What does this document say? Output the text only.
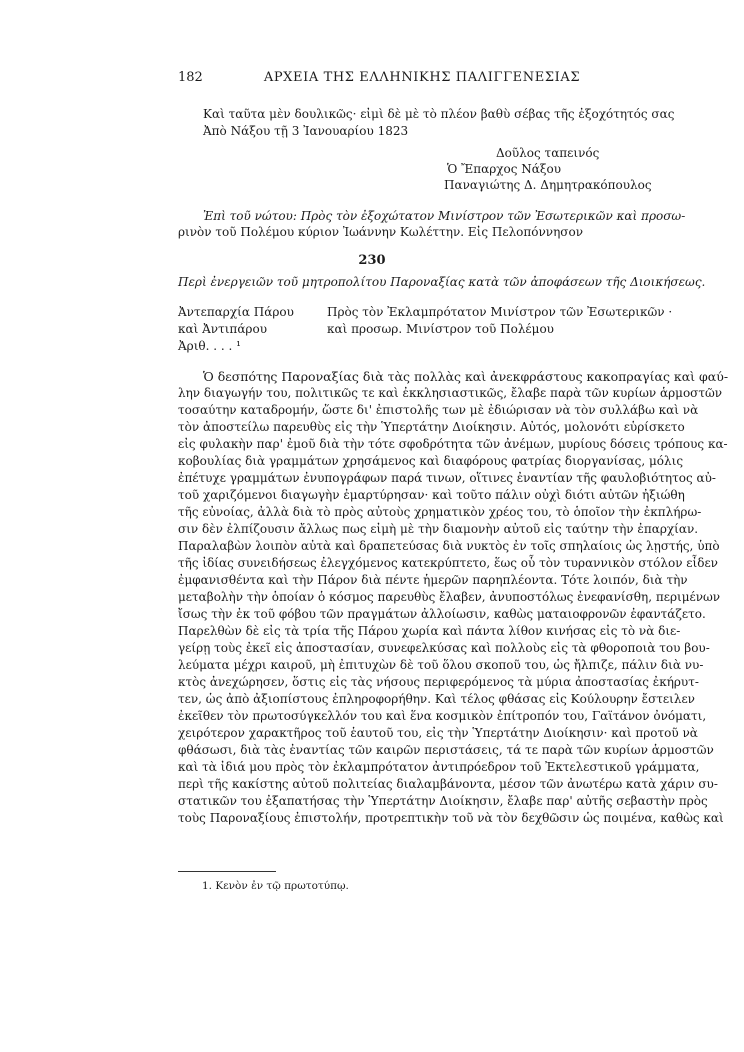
182	ΑΡΧΕΙΑ ΤΗΣ ΕΛΛΗΝΙΚΗΣ ΠΑΛΙΓΓΕΝΕΣΙΑΣ
Καὶ ταῦτα μὲν δουλικῶς· εἰμὶ δὲ μὲ τὸ πλέον βαθὺ σέβας τῆς ἐξοχότητός σας
Ἀπὸ Νάξου τῇ 3 Ἰανουαρίου 1823
Δοῦλος ταπεινός
Ὁ Ἔπαρχος Νάξου
Παναγιώτης Δ. Δημητρακόπουλος
Ἐπὶ τοῦ νώτου: Πρὸς τὸν ἐξοχώτατον Μινίστρον τῶν Ἐσωτερικῶν καὶ προσω-
ρινὸν τοῦ Πολέμου κύριον Ἰωάννην Κωλέττην. Εἰς Πελοπόννησον
230
Περὶ ἐνεργειῶν τοῦ μητροπολίτου Παροναξίας κατὰ τῶν ἀποφάσεων τῆς Διοικήσεως.
Ἀντεπαρχία Πάρου
καὶ Ἀντιπάρου
Ἀριθ. . . . ¹
Πρὸς τὸν Ἐκλαμπρότατον Μινίστρον τῶν Ἐσωτερικῶν ·
καὶ προσωρ. Μινίστρον τοῦ Πολέμου
Ὁ δεσπότης Παροναξίας διὰ τὰς πολλὰς καὶ ἀνεκφράστους κακοπραγίας καὶ φαύ-
λην διαγωγήν του, πολιτικῶς τε καὶ ἐκκλησιαστικῶς, ἔλαβε παρὰ τῶν κυρίων ἁρμοστῶν
τοσαύτην καταδρομήν, ὥστε δι' ἐπιστολῆς των μὲ ἐδιώρισαν νὰ τὸν συλλάβω καὶ νὰ
τὸν ἀποστείλω παρευθὺς εἰς τὴν Ὑπερτάτην Διοίκησιν. Αὐτός, μολονότι εὑρίσκετο
εἰς φυλακὴν παρ' ἐμοῦ διὰ τὴν τότε σφοδρότητα τῶν ἀνέμων, μυρίους δόσεις τρόπους κα-
κοβουλίας διὰ γραμμάτων χρησάμενος καὶ διαφόρους φατρίας διοργανίσας, μόλις
ἐπέτυχε γραμμάτων ἐνυπογράφων παρά τινων, οἵτινες ἐναντίαν τῆς φαυλοβιότητος αὐ-
τοῦ χαριζόμενοι διαγωγὴν ἐμαρτύρησαν· καὶ τοῦτο πάλιν οὐχὶ διότι αὐτῶν ἠξιώθη
τῆς εὐνοίας, ἀλλὰ διὰ τὸ πρὸς αὐτοὺς χρηματικὸν χρέος του, τὸ ὁποῖον τὴν ἐκπλήρω-
σιν δὲν ἐλπίζουσιν ἄλλως πως εἰμὴ μὲ τὴν διαμονὴν αὐτοῦ εἰς ταύτην τὴν ἐπαρχίαν.
Παραλαβὼν λοιπὸν αὐτὰ καὶ δραπετεύσας διὰ νυκτὸς ἐν τοῖς σπηλαίοις ὡς λῃστής, ὑπὸ
τῆς ἰδίας συνειδήσεως ἐλεγχόμενος κατεκρύπτετο, ἕως οὗ τὸν τυραννικὸν στόλον εἶδεν
ἐμφανισθέντα καὶ τὴν Πάρον διὰ πέντε ἡμερῶν παρηπλέοντα. Τότε λοιπόν, διὰ τὴν
μεταβολὴν τὴν ὁποίαν ὁ κόσμος παρευθὺς ἔλαβεν, ἀνυποστόλως ἐνεφανίσθη, περιμένων
ἴσως τὴν ἐκ τοῦ φόβου τῶν πραγμάτων ἀλλοίωσιν, καθὼς ματαιοφρονῶν ἐφαντάζετο.
Παρελθὼν δὲ εἰς τὰ τρία τῆς Πάρου χωρία καὶ πάντα λίθον κινήσας εἰς τὸ νὰ διε-
γείρῃ τοὺς ἐκεῖ εἰς ἀποστασίαν, συνεφελκύσας καὶ πολλοὺς εἰς τὰ φθοροποιὰ του βου-
λεύματα μέχρι καιροῦ, μὴ ἐπιτυχὼν δὲ τοῦ ὅλου σκοποῦ του, ὡς ἤλπιζε, πάλιν διὰ νυ-
κτὸς ἀνεχώρησεν, ὅστις εἰς τὰς νήσους περιφερόμενος τὰ μύρια ἀποστασίας ἐκήρυτ-
τεν, ὡς ἀπὸ ἀξιοπίστους ἐπληροφορήθην. Καὶ τέλος φθάσας εἰς Κούλουρην ἔστειλεν
ἐκεῖθεν τὸν πρωτοσύγκελλόν του καὶ ἕνα κοσμικὸν ἐπίτροπόν του, Γαϊτάνον ὀνόματι,
χειρότερον χαρακτῆρος τοῦ ἑαυτοῦ του, εἰς τὴν Ὑπερτάτην Διοίκησιν· καὶ προτοῦ νὰ
φθάσωσι, διὰ τὰς ἐναντίας τῶν καιρῶν περιστάσεις, τά τε παρὰ τῶν κυρίων ἁρμοστῶν
καὶ τὰ ἰδιά μου πρὸς τὸν ἐκλαμπρότατον ἀντιπρόεδρον τοῦ Ἐκτελεστικοῦ γράμματα,
περὶ τῆς κακίστης αὐτοῦ πολιτείας διαλαμβάνοντα, μέσον τῶν ἀνωτέρω κατὰ χάριν συ-
στατικῶν του ἐξαπατήσας τὴν Ὑπερτάτην Διοίκησιν, ἔλαβε παρ' αὐτῆς σεβαστὴν πρὸς
τοὺς Παροναξίους ἐπιστολήν, προτρεπτικὴν τοῦ νὰ τὸν δεχθῶσιν ὡς ποιμένα, καθὼς καὶ
1. Κενὸν ἐν τῷ πρωτοτύπῳ.
